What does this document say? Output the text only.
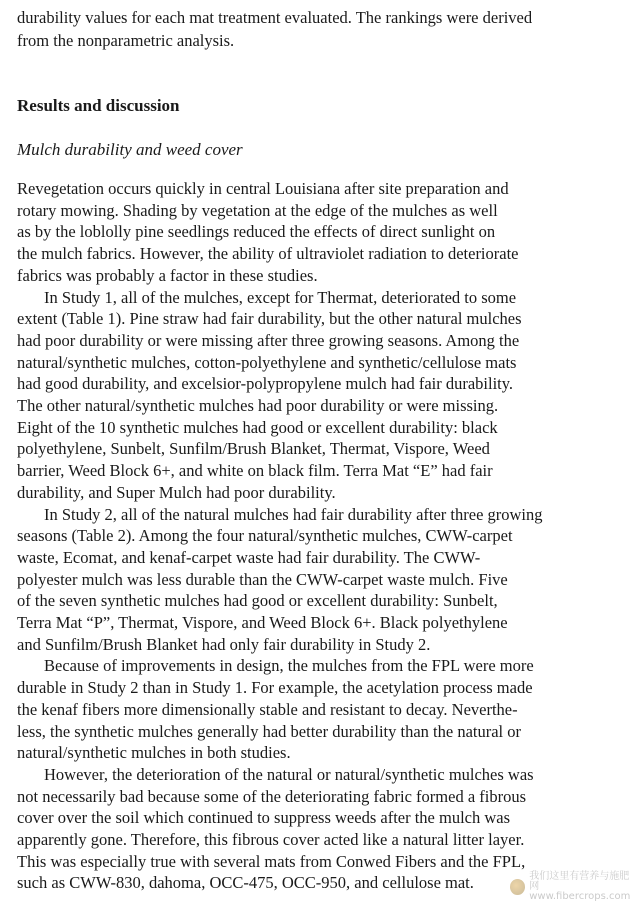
durability values for each mat treatment evaluated. The rankings were derived
from the nonparametric analysis.
Results and discussion
Mulch durability and weed cover
Revegetation occurs quickly in central Louisiana after site preparation and
rotary mowing. Shading by vegetation at the edge of the mulches as well
as by the loblolly pine seedlings reduced the effects of direct sunlight on
the mulch fabrics. However, the ability of ultraviolet radiation to deteriorate
fabrics was probably a factor in these studies.
In Study 1, all of the mulches, except for Thermat, deteriorated to some
extent (Table 1). Pine straw had fair durability, but the other natural mulches
had poor durability or were missing after three growing seasons. Among the
natural/synthetic mulches, cotton-polyethylene and synthetic/cellulose mats
had good durability, and excelsior-polypropylene mulch had fair durability.
The other natural/synthetic mulches had poor durability or were missing.
Eight of the 10 synthetic mulches had good or excellent durability: black
polyethylene, Sunbelt, Sunfilm/Brush Blanket, Thermat, Vispore, Weed
barrier, Weed Block 6+, and white on black film. Terra Mat “E” had fair
durability, and Super Mulch had poor durability.
In Study 2, all of the natural mulches had fair durability after three growing
seasons (Table 2). Among the four natural/synthetic mulches, CWW-carpet
waste, Ecomat, and kenaf-carpet waste had fair durability. The CWW-
polyester mulch was less durable than the CWW-carpet waste mulch. Five
of the seven synthetic mulches had good or excellent durability: Sunbelt,
Terra Mat “P”, Thermat, Vispore, and Weed Block 6+. Black polyethylene
and Sunfilm/Brush Blanket had only fair durability in Study 2.
Because of improvements in design, the mulches from the FPL were more
durable in Study 2 than in Study 1. For example, the acetylation process made
the kenaf fibers more dimensionally stable and resistant to decay. Neverthe-
less, the synthetic mulches generally had better durability than the natural or
natural/synthetic mulches in both studies.
However, the deterioration of the natural or natural/synthetic mulches was
not necessarily bad because some of the deteriorating fabric formed a fibrous
cover over the soil which continued to suppress weeds after the mulch was
apparently gone. Therefore, this fibrous cover acted like a natural litter layer.
This was especially true with several mats from Conwed Fibers and the FPL,
such as CWW-830, dahoma, OCC-475, OCC-950, and cellulose mat.	我们这里有营养与施肥网
www.fibercrops.com
